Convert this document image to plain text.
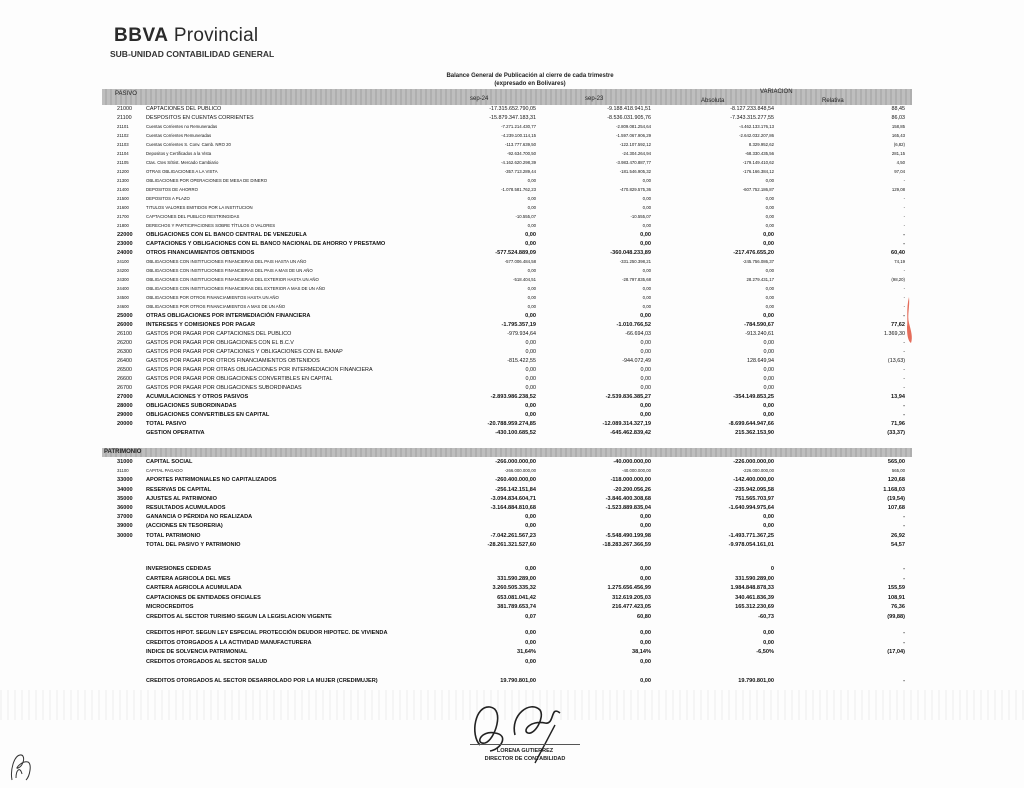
BBVA Provincial
SUB-UNIDAD CONTABILIDAD GENERAL
Balance General de Publicación al cierre de cada trimestre
(expresado en Bolivares)
PASIVO
sep-24	sep-23
VARIACION
Absoluta	Relativa
21000	CAPTACIONES DEL PUBLICO	-17.315.652.790,05	-9.188.418.941,51	-8.127.233.848,54	88,45
21100	DESPOSITOS EN CUENTAS CORRIENTES	-15.879.347.183,31	-8.536.031.905,76	-7.343.315.277,55	86,03
21101	Cuentas Corrientes no Remuneradas	-7.271.214.430,77	-2.809.081.254,64	-4.462.133.176,13	158,85
21102	Cuentas Corrientes Remuneradas	-4.239.100.114,15	-1.597.067.906,29	-2.642.032.207,86	165,43
21103	Cuentas Corrientes S. Conv. Camb. NRO 20	-113.777.639,50	-122.107.592,12	8.329.952,62	(6,82)
21104	Depositos y Certificados a la Vista	-92.634.700,50	-24.304.264,94	-68.330.435,56	281,15
21105	Ctas. Ctes S/Sist. Mercado Cambiario	-4.162.620.298,39	-3.983.470.887,77	-179.149.410,62	4,50
21200	OTRAS OBLIGACIONES A LA VISTA	-357.713.289,44	-181.546.905,32	-176.166.384,12	97,04
21300	OBLIGACIONES POR OPERACIONES DE MESA DE DINERO	0,00	0,00	0,00	-
21400	DEPOSITOS DE AHORRO	-1.078.581.762,23	-470.829.575,36	-607.752.186,87	129,08
21500	DEPOSITOS A PLAZO	0,00	0,00	0,00	-
21600	TITULOS VALORES EMITIDOS POR LA INSTITUCION	0,00	0,00	0,00	-
21700	CAPTACIONES DEL PUBLICO RESTRINGIDAS	-10.555,07	-10.555,07	0,00	-
21800	DERECHOS Y PARTICIPACIONES SOBRE TÍTULOS O VALORES	0,00	0,00	0,00	-
22000 OBLIGACIONES CON EL BANCO CENTRAL DE VENEZUELA	0,00	0,00	0,00	-
23000 CAPTACIONES Y OBLIGACIONES CON EL BANCO NACIONAL DE AHORRO Y PRESTAMO	0,00	0,00	0,00	-
24000 OTROS FINANCIAMIENTOS OBTENIDOS	-577.524.889,09	-360.048.233,89	-217.476.655,20	60,40
24100	OBLIGACIONES CON INSTITUCIONES FINANCIERAS DEL PAIS HASTA UN AÑO	-577.006.484,58	-331.250.398,21	-245.756.086,37	74,19
24200	OBLIGACIONES CON INSTITUCIONES FINANCIERAS DEL PAIS A MAS DE UN AÑO	0,00	0,00	0,00	-
24300	OBLIGACIONES CON INSTITUCIONES FINANCIERAS DEL EXTERIOR HASTA UN AÑO	-518.404,51	-28.797.835,68	28.279.431,17	(98,20)
24400	OBLIGACIONES CON INSTITUCIONES FINANCIERAS DEL EXTERIOR A MAS DE UN AÑO	0,00	0,00	0,00	-
24500	OBLIGACIONES POR OTROS FINANCIAMIENTOS HASTA UN AÑO	0,00	0,00	0,00	-
24600	OBLIGACIONES POR OTROS FINANCIAMIENTOS A MAS DE UN AÑO	0,00	0,00	0,00	-
25000 OTRAS OBLIGACIONES POR INTERMEDIACIÓN FINANCIERA	0,00	0,00	0,00	-
26000 INTERESES Y COMISIONES POR PAGAR	-1.795.357,19	-1.010.766,52	-784.590,67	77,62
26100	GASTOS POR PAGAR POR CAPTACIONES DEL PUBLICO	-979.934,64	-66.694,03	-913.240,61	1.369,30
26200	GASTOS POR PAGAR POR OBLIGACIONES CON EL B.C.V	0,00	0,00	0,00	-
26300	GASTOS POR PAGAR POR CAPTACIONES Y OBLIGACIONES CON EL BANAP	0,00	0,00	0,00	-
26400	GASTOS POR PAGAR POR OTROS FINANCIAMIENTOS OBTENIDOS	-815.422,55	-944.072,49	128.649,94	(13,63)
26500	GASTOS POR PAGAR POR OTRAS OBLIGACIONES POR INTERMEDIACION FINANCIERA	0,00	0,00	0,00	-
26600	GASTOS POR PAGAR POR OBLIGACIONES CONVERTIBLES EN CAPITAL	0,00	0,00	0,00	-
26700	GASTOS POR PAGAR POR OBLIGACIONES SUBORDINADAS	0,00	0,00	0,00	-
27000 ACUMULACIONES Y OTROS PASIVOS	-2.893.986.238,52	-2.539.836.385,27	-354.149.853,25	13,94
28000 OBLIGACIONES SUBORDINADAS	0,00	0,00	0,00	-
29000 OBLIGACIONES CONVERTIBLES EN CAPITAL	0,00	0,00	0,00	-
20000 TOTAL PASIVO	-20.788.959.274,85	-12.089.314.327,19	-8.699.644.947,66	71,96
GESTION OPERATIVA	-430.100.685,52	-645.462.839,42	215.362.153,90	(33,37)
PATRIMONIO
31000 CAPITAL SOCIAL	-266.000.000,00	-40.000.000,00	-226.000.000,00	565,00
31100	CAPITAL PAGADO	-266.000.000,00	-40.000.000,00	-226.000.000,00	565,00
33000 APORTES PATRIMONIALES NO CAPITALIZADOS	-260.400.000,00	-118.000.000,00	-142.400.000,00	120,68
34000 RESERVAS DE CAPITAL	-256.142.151,84	-20.200.056,26	-235.942.095,58	1.168,03
35000 AJUSTES AL PATRIMONIO	-3.094.834.604,71	-3.846.400.308,68	751.565.703,97	(19,54)
36000 RESULTADOS ACUMULADOS	-3.164.884.810,68	-1.523.889.835,04	-1.640.994.975,64	107,68
37000 GANANCIA O PÉRDIDA NO REALIZADA	0,00	0,00	0,00	-
39000 (ACCIONES EN TESORERIA)	0,00	0,00	0,00	-
30000 TOTAL PATRIMONIO	-7.042.261.567,23	-5.548.490.199,98	-1.493.771.367,25	26,92
TOTAL DEL PASIVO Y PATRIMONIO	-28.261.321.527,60	-18.283.267.366,59	-9.978.054.161,01	54,57
INVERSIONES CEDIDAS	0,00	0,00	0	-
CARTERA AGRICOLA DEL MES	331.590.289,00	0,00	331.590.289,00	-
CARTERA AGRICOLA ACUMULADA	3.260.505.335,32	1.275.656.456,99	1.984.848.878,33	155,59
CAPTACIONES DE ENTIDADES OFICIALES	653.081.041,42	312.619.205,03	340.461.836,39	108,91
MICROCREDITOS	381.789.653,74	216.477.423,05	165.312.230,69	76,36
CREDITOS AL SECTOR TURISMO SEGUN LA LEGISLACION VIGENTE	0,07	60,80	-60,73	(99,88)
CREDITOS HIPOT. SEGUN LEY ESPECIAL PROTECCIÓN DEUDOR HIPOTEC. DE VIVIENDA	0,00	0,00	0,00	-
CREDITOS OTORGADOS A LA ACTIVIDAD MANUFACTURERA	0,00	0,00	0,00	-
INDICE DE SOLVENCIA PATRIMONIAL	31,64%	38,14%	-6,50%	(17,04)
CREDITOS OTORGADOS AL SECTOR SALUD	0,00	0,00
CREDITOS OTORGADOS AL SECTOR DESARROLADO POR LA MUJER (CREDIMUJER)	19.790.801,00	0,00	19.790.801,00	-
LORENA GUTIERREZ
DIRECTOR DE CONTABILIDAD
